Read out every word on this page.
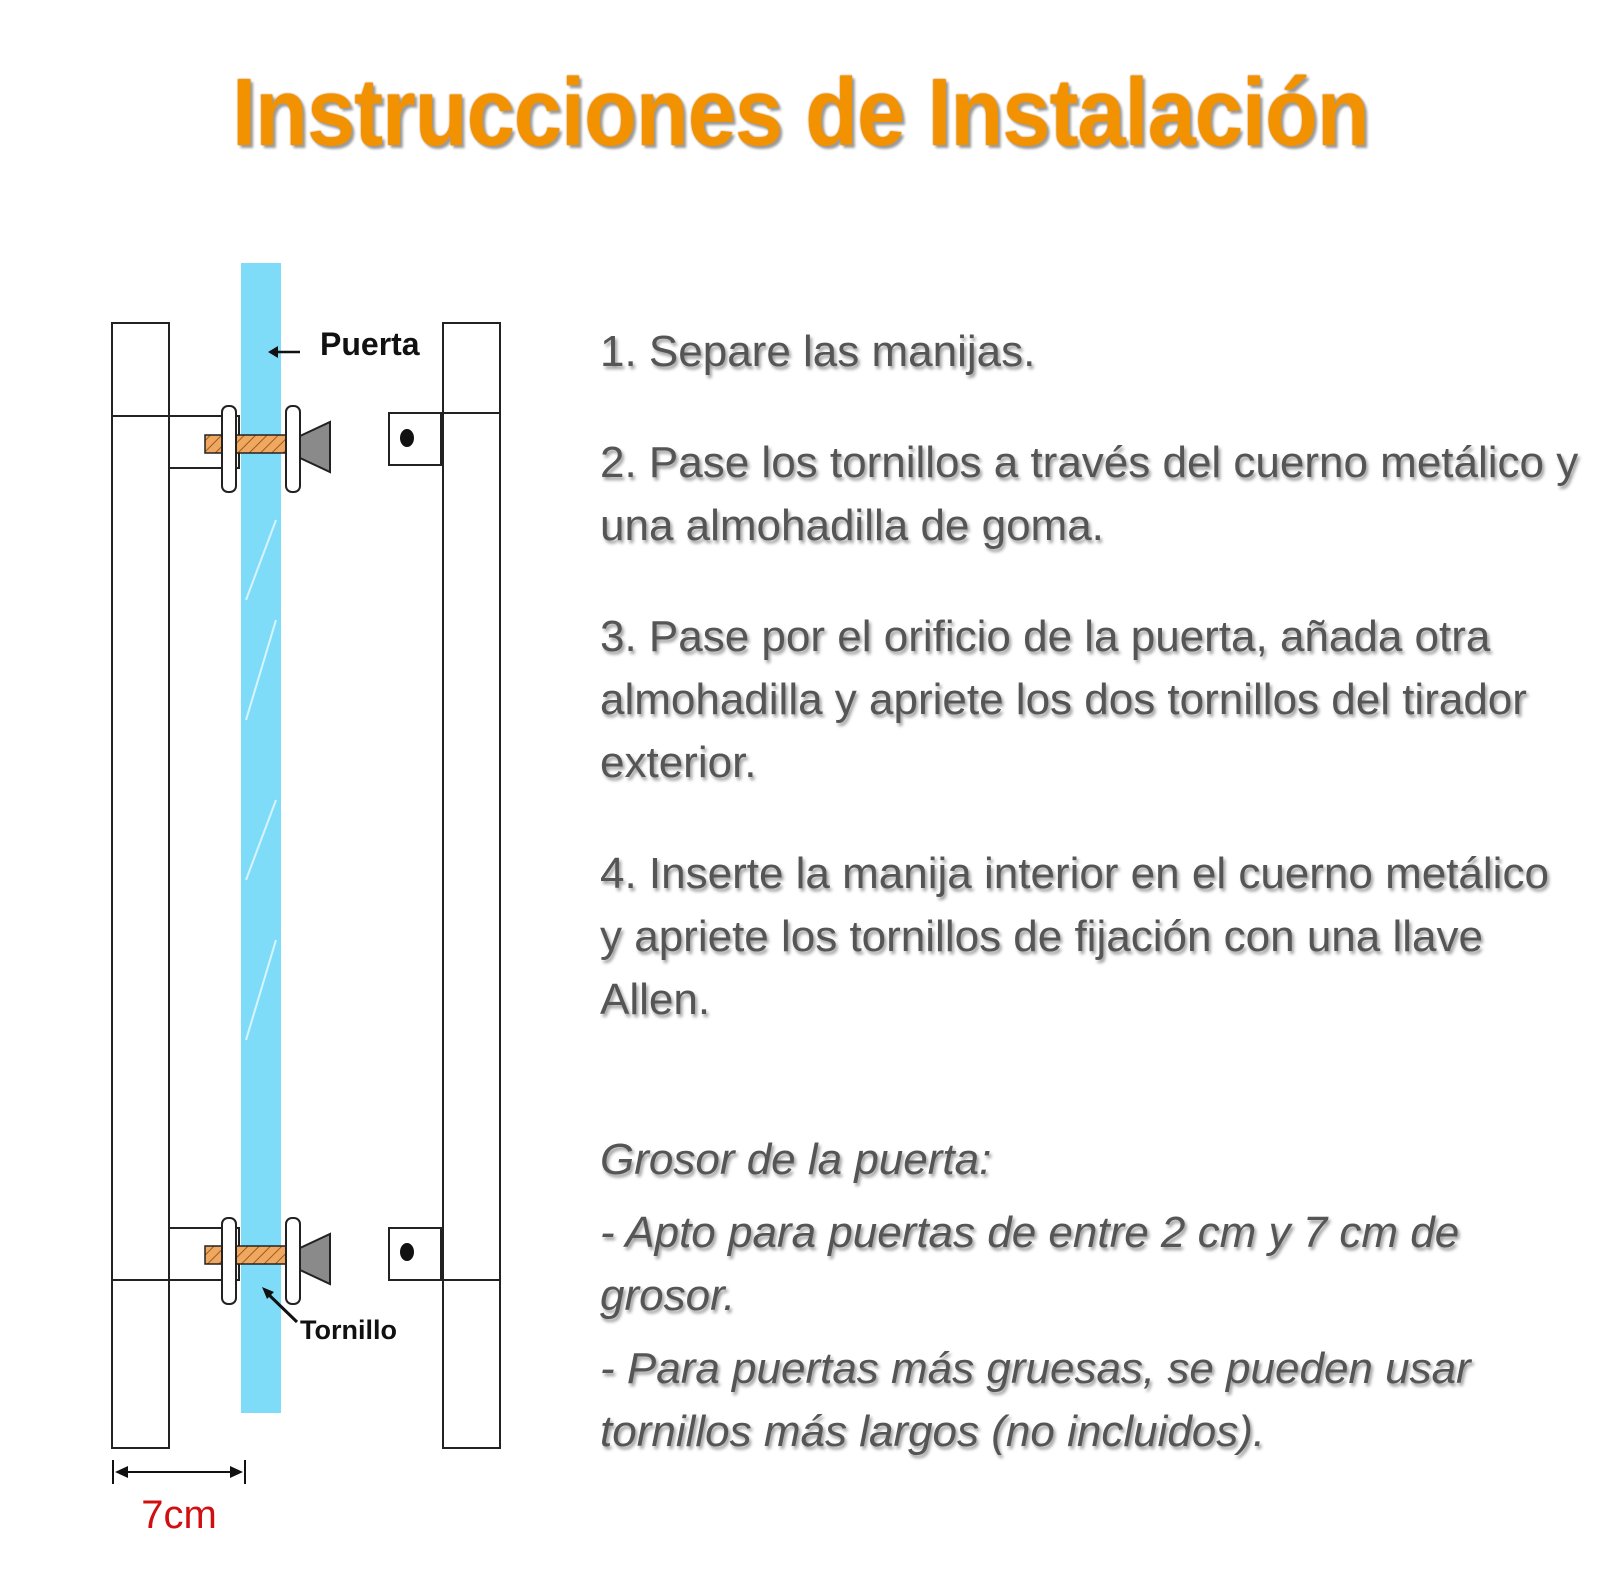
Instrucciones de Instalación
Puerta
Tornillo
7cm

1. Separe las manijas.

2. Pase los tornillos a través del cuerno metálico y una almohadilla de goma.

3. Pase por el orificio de la puerta, añada otra almohadilla y apriete los dos tornillos del tirador exterior.

4. Inserte la manija interior en el cuerno metálico y apriete los tornillos de fijación con una llave Allen.

Grosor de la puerta:

- Apto para puertas de entre 2 cm y 7 cm de grosor.

- Para puertas más gruesas, se pueden usar tornillos más largos (no incluidos).
